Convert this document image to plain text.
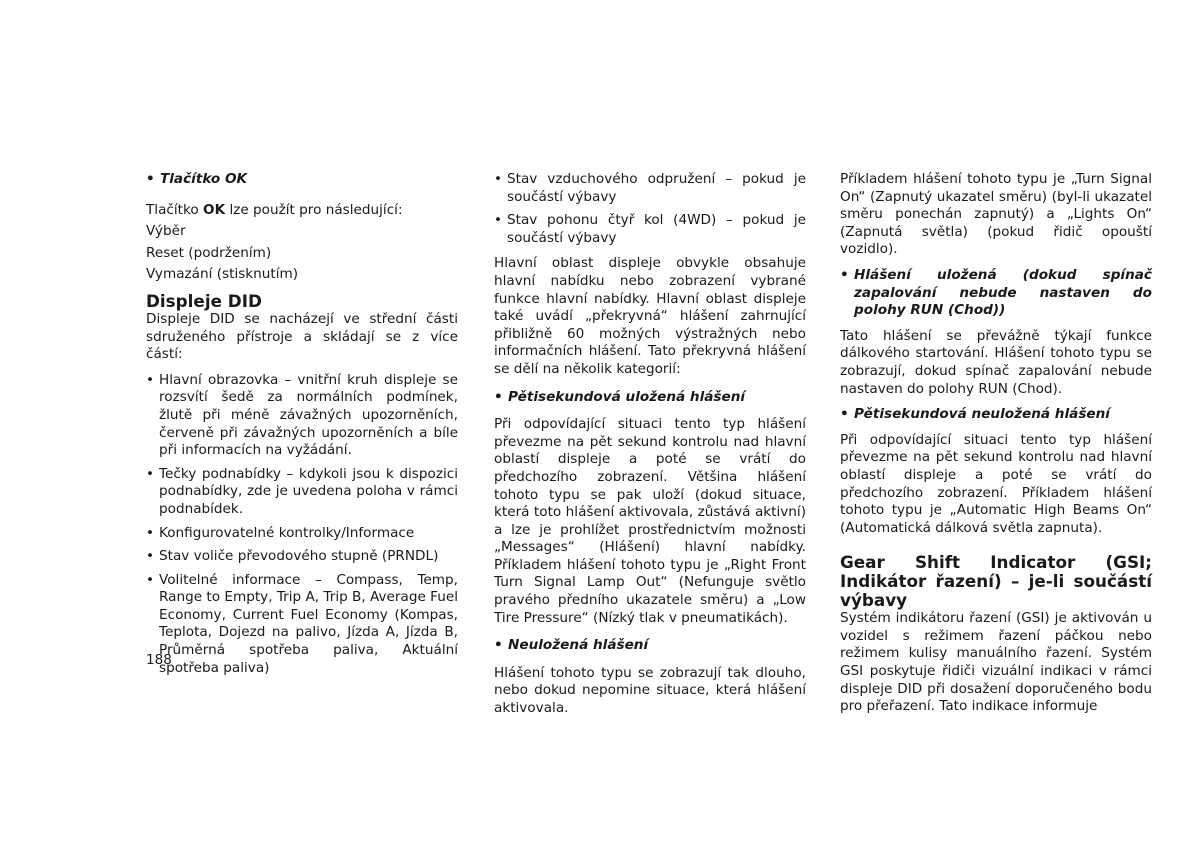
• Tlačítko OK

Tlačítko OK lze použít pro následující:

Výběr

Reset (podržením)

Vymazání (stisknutím)

Displeje DID

Displeje DID se nacházejí ve střední části sdruženého přístroje a skládají se z více částí:

• Hlavní obrazovka – vnitřní kruh displeje se rozsvítí šedě za normálních podmínek, žlutě při méně závažných upozorněních, červeně při závažných upozorněních a bíle při informacích na vyžádání.

• Tečky podnabídky – kdykoli jsou k dispozici podnabídky, zde je uvedena poloha v rámci podnabídek.

• Konfigurovatelné kontrolky/Informace

• Stav voliče převodového stupně (PRNDL)

• Volitelné informace – Compass, Temp, Range to Empty, Trip A, Trip B, Average Fuel Economy, Current Fuel Economy (Kompas, Teplota, Dojezd na palivo, Jízda A, Jízda B, Průměrná spotřeba paliva, Aktuální spotřeba paliva)

188

• Stav vzduchového odpružení – pokud je součástí výbavy

• Stav pohonu čtyř kol (4WD) – pokud je součástí výbavy

Hlavní oblast displeje obvykle obsahuje hlavní nabídku nebo zobrazení vybrané funkce hlavní nabídky. Hlavní oblast displeje také uvádí „překryvná“ hlášení zahrnující přibližně 60 možných výstražných nebo informačních hlášení. Tato překryvná hlášení se dělí na několik kategorií:

• Pětisekundová uložená hlášení

Při odpovídající situaci tento typ hlášení převezme na pět sekund kontrolu nad hlavní oblastí displeje a poté se vrátí do předchozího zobrazení. Většina hlášení tohoto typu se pak uloží (dokud situace, která toto hlášení aktivovala, zůstává aktivní) a lze je prohlížet prostřednictvím možnosti „Messages“ (Hlášení) hlavní nabídky. Příkladem hlášení tohoto typu je „Right Front Turn Signal Lamp Out“ (Nefunguje světlo pravého předního ukazatele směru) a „Low Tire Pressure“ (Nízký tlak v pneumatikách).

• Neuložená hlášení

Hlášení tohoto typu se zobrazují tak dlouho, nebo dokud nepomine situace, která hlášení aktivovala.

Příkladem hlášení tohoto typu je „Turn Signal On“ (Zapnutý ukazatel směru) (byl-li ukazatel směru ponechán zapnutý) a „Lights On“ (Zapnutá světla) (pokud řidič opouští vozidlo).

• Hlášení uložená (dokud spínač zapalování nebude nastaven do polohy RUN (Chod))

Tato hlášení se převážně týkají funkce dálkového startování. Hlášení tohoto typu se zobrazují, dokud spínač zapalování nebude nastaven do polohy RUN (Chod).

• Pětisekundová neuložená hlášení

Při odpovídající situaci tento typ hlášení převezme na pět sekund kontrolu nad hlavní oblastí displeje a poté se vrátí do předchozího zobrazení. Příkladem hlášení tohoto typu je „Automatic High Beams On“ (Automatická dálková světla zapnuta).

Gear Shift Indicator (GSI; Indikátor řazení) – je-li součástí výbavy

Systém indikátoru řazení (GSI) je aktivován u vozidel s režimem řazení páčkou nebo režimem kulisy manuálního řazení. Systém GSI poskytuje řidiči vizuální indikaci v rámci displeje DID při dosažení doporučeného bodu pro přeřazení. Tato indikace informuje
